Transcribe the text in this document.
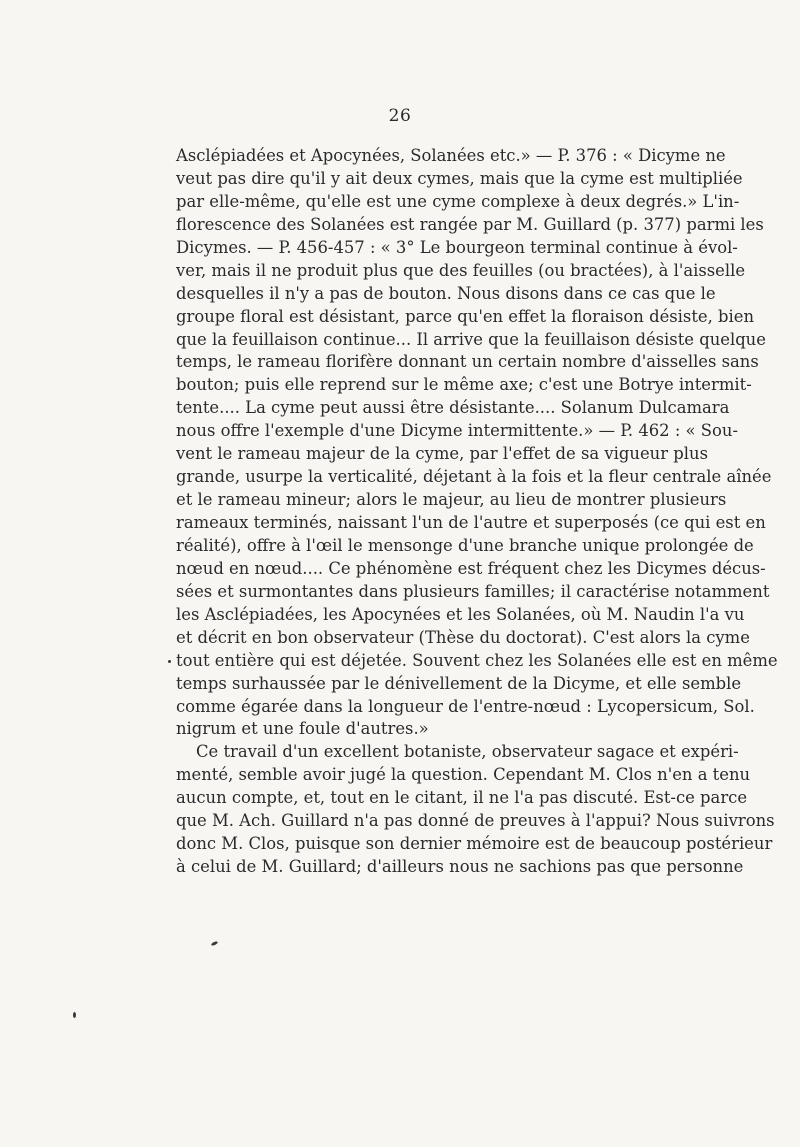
26
Asclépiadées et Apocynées, Solanées etc.» — P. 376 : « Dicyme ne
veut pas dire qu'il y ait deux cymes, mais que la cyme est multipliée
par elle-même, qu'elle est une cyme complexe à deux degrés.» L'in-
florescence des Solanées est rangée par M. Guillard (p. 377) parmi les
Dicymes. — P. 456-457 : « 3° Le bourgeon terminal continue à évol-
ver, mais il ne produit plus que des feuilles (ou bractées), à l'aisselle
desquelles il n'y a pas de bouton. Nous disons dans ce cas que le
groupe floral est désistant, parce qu'en effet la floraison désiste, bien
que la feuillaison continue... Il arrive que la feuillaison désiste quelque
temps, le rameau florifère donnant un certain nombre d'aisselles sans
bouton; puis elle reprend sur le même axe; c'est une Botrye intermit-
tente.... La cyme peut aussi être désistante.... Solanum Dulcamara
nous offre l'exemple d'une Dicyme intermittente.» — P. 462 : « Sou-
vent le rameau majeur de la cyme, par l'effet de sa vigueur plus
grande, usurpe la verticalité, déjetant à la fois et la fleur centrale aînée
et le rameau mineur; alors le majeur, au lieu de montrer plusieurs
rameaux terminés, naissant l'un de l'autre et superposés (ce qui est en
réalité), offre à l'œil le mensonge d'une branche unique prolongée de
nœud en nœud.... Ce phénomène est fréquent chez les Dicymes décus-
sées et surmontantes dans plusieurs familles; il caractérise notamment
les Asclépiadées, les Apocynées et les Solanées, où M. Naudin l'a vu
et décrit en bon observateur (Thèse du doctorat). C'est alors la cyme
tout entière qui est déjetée. Souvent chez les Solanées elle est en même
temps surhaussée par le dénivellement de la Dicyme, et elle semble
comme égarée dans la longueur de l'entre-nœud : Lycopersicum, Sol.
nigrum et une foule d'autres.»
Ce travail d'un excellent botaniste, observateur sagace et expéri-
menté, semble avoir jugé la question. Cependant M. Clos n'en a tenu
aucun compte, et, tout en le citant, il ne l'a pas discuté. Est-ce parce
que M. Ach. Guillard n'a pas donné de preuves à l'appui? Nous suivrons
donc M. Clos, puisque son dernier mémoire est de beaucoup postérieur
à celui de M. Guillard; d'ailleurs nous ne sachions pas que personne
